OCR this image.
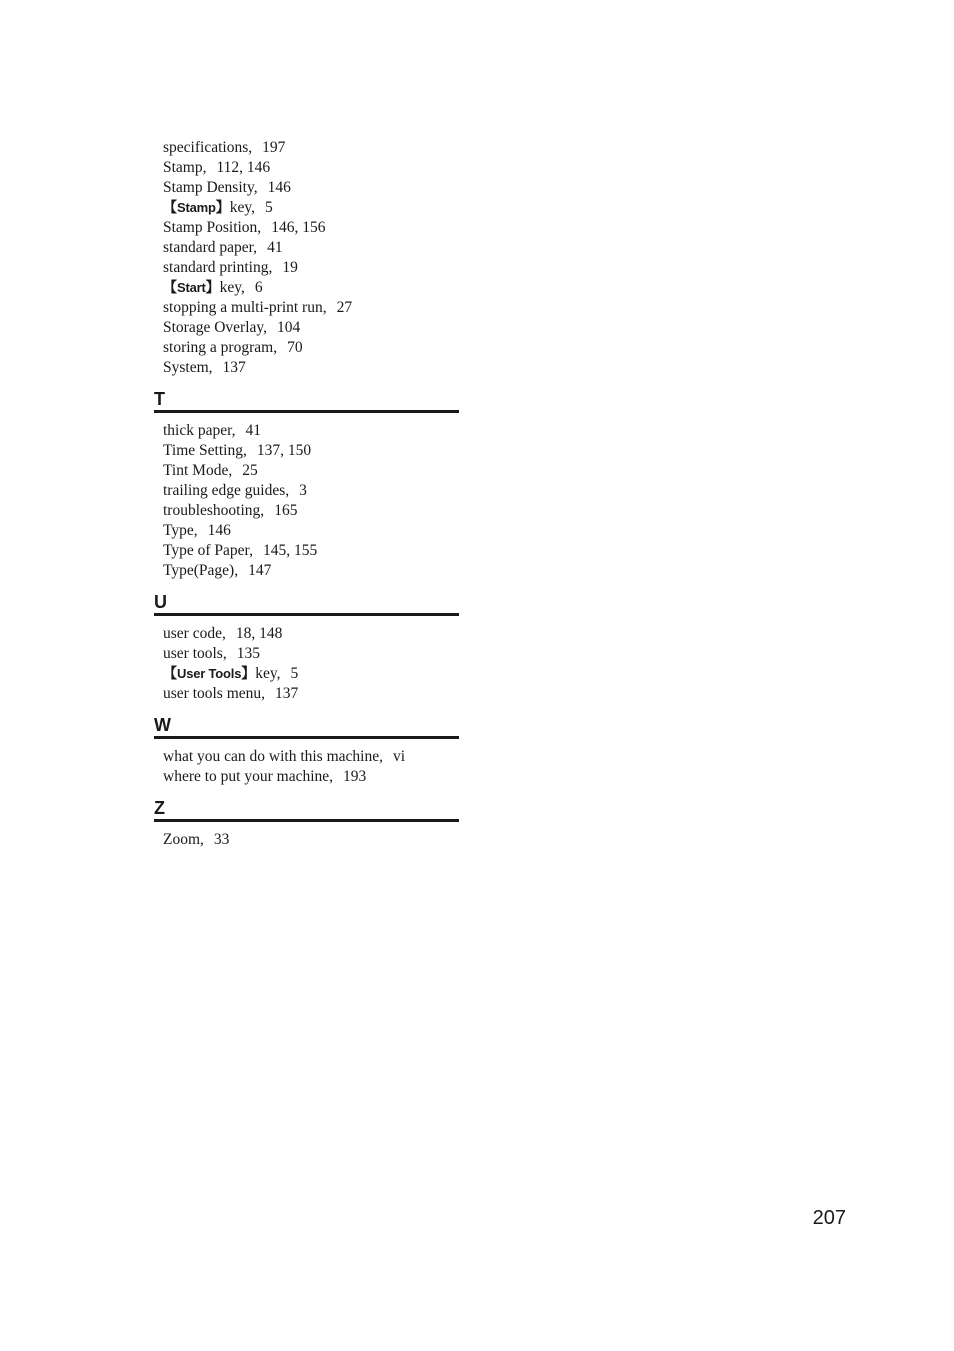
specifications, 197
Stamp, 112, 146
Stamp Density, 146
【Stamp】key, 5
Stamp Position, 146, 156
standard paper, 41
standard printing, 19
【Start】key, 6
stopping a multi-print run, 27
Storage Overlay, 104
storing a program, 70
System, 137
T
thick paper, 41
Time Setting, 137, 150
Tint Mode, 25
trailing edge guides, 3
troubleshooting, 165
Type, 146
Type of Paper, 145, 155
Type(Page), 147
U
user code, 18, 148
user tools, 135
【User Tools】key, 5
user tools menu, 137
W
what you can do with this machine, vi
where to put your machine, 193
Z
Zoom, 33
207
